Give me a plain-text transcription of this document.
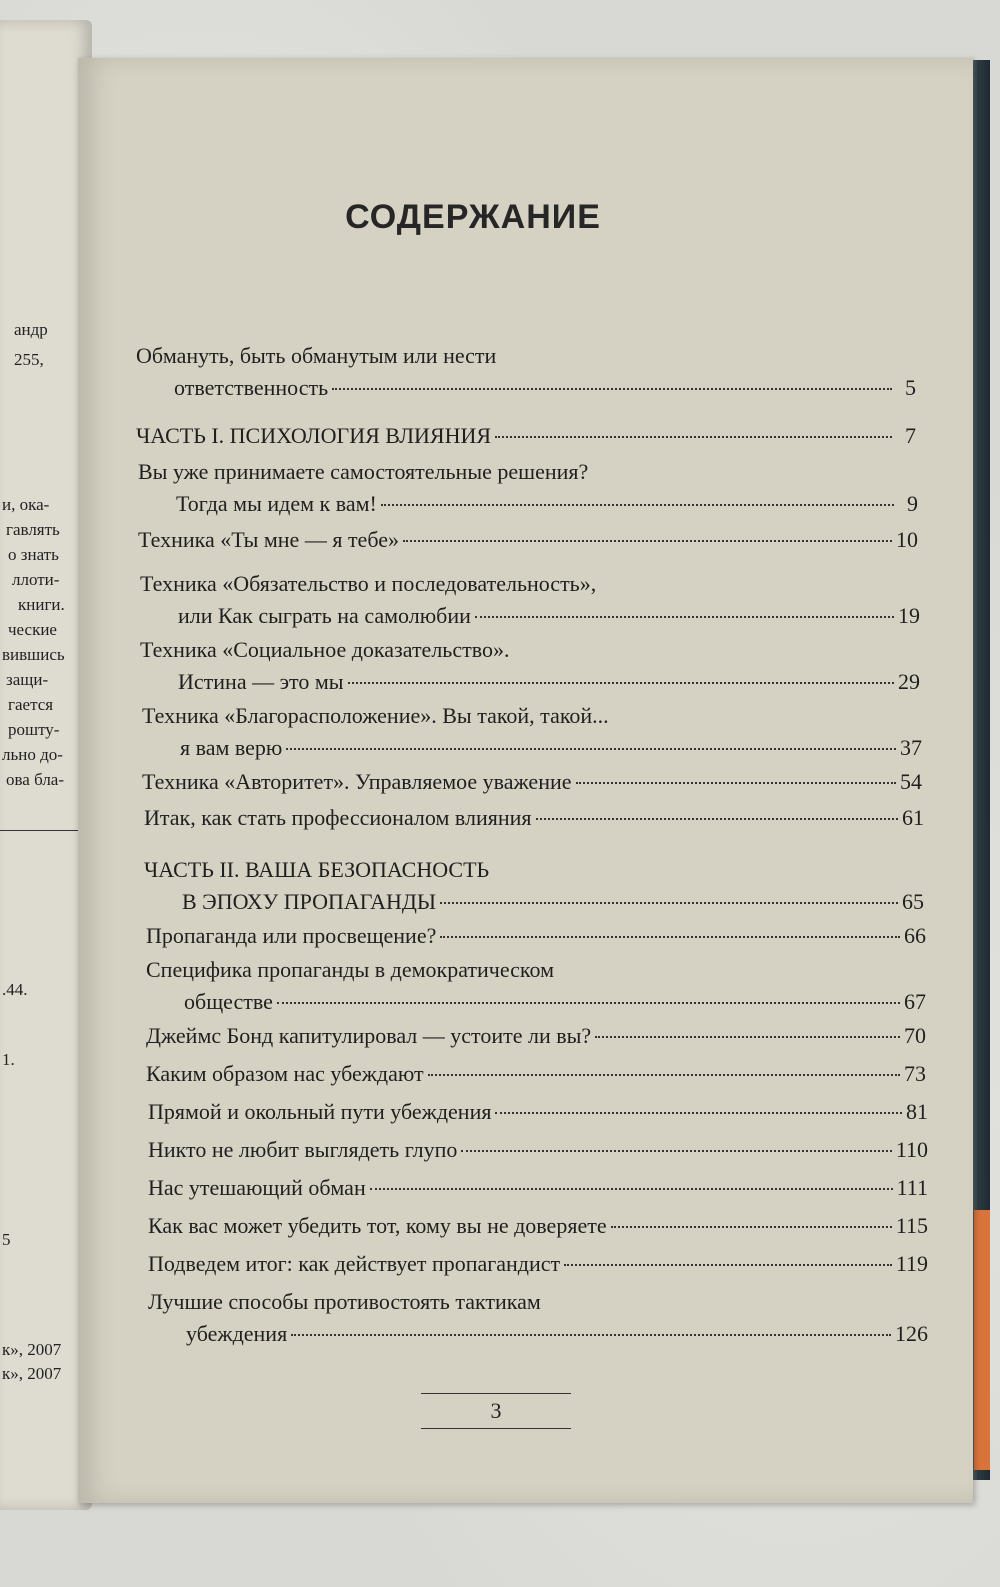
андр
255,
и, ока-
гавлять
о знать
ллоти-
книги.
ческие
вившись
защи-
гается
рошту-
льно до-
ова бла-
.44.
1.
5
к», 2007
к», 2007
СОДЕРЖАНИЕ
Обмануть, быть обманутым или нести
ответственность	5
ЧАСТЬ I. ПСИХОЛОГИЯ ВЛИЯНИЯ	7
Вы уже принимаете самостоятельные решения?
Тогда мы идем к вам!	9
Техника «Ты мне — я тебе»	10
Техника «Обязательство и последовательность»,
или Как сыграть на самолюбии	19
Техника «Социальное доказательство».
Истина — это мы	29
Техника «Благорасположение». Вы такой, такой...
я вам верю	37
Техника «Авторитет». Управляемое уважение	54
Итак, как стать профессионалом влияния	61
ЧАСТЬ II. ВАША БЕЗОПАСНОСТЬ
В ЭПОХУ ПРОПАГАНДЫ	65
Пропаганда или просвещение?	66
Специфика пропаганды в демократическом
обществе	67
Джеймс Бонд капитулировал — устоите ли вы?	70
Каким образом нас убеждают	73
Прямой и окольный пути убеждения	81
Никто не любит выглядеть глупо	110
Нас утешающий обман	111
Как вас может убедить тот, кому вы не доверяете	115
Подведем итог: как действует пропагандист	119
Лучшие способы противостоять тактикам
убеждения	126
3
